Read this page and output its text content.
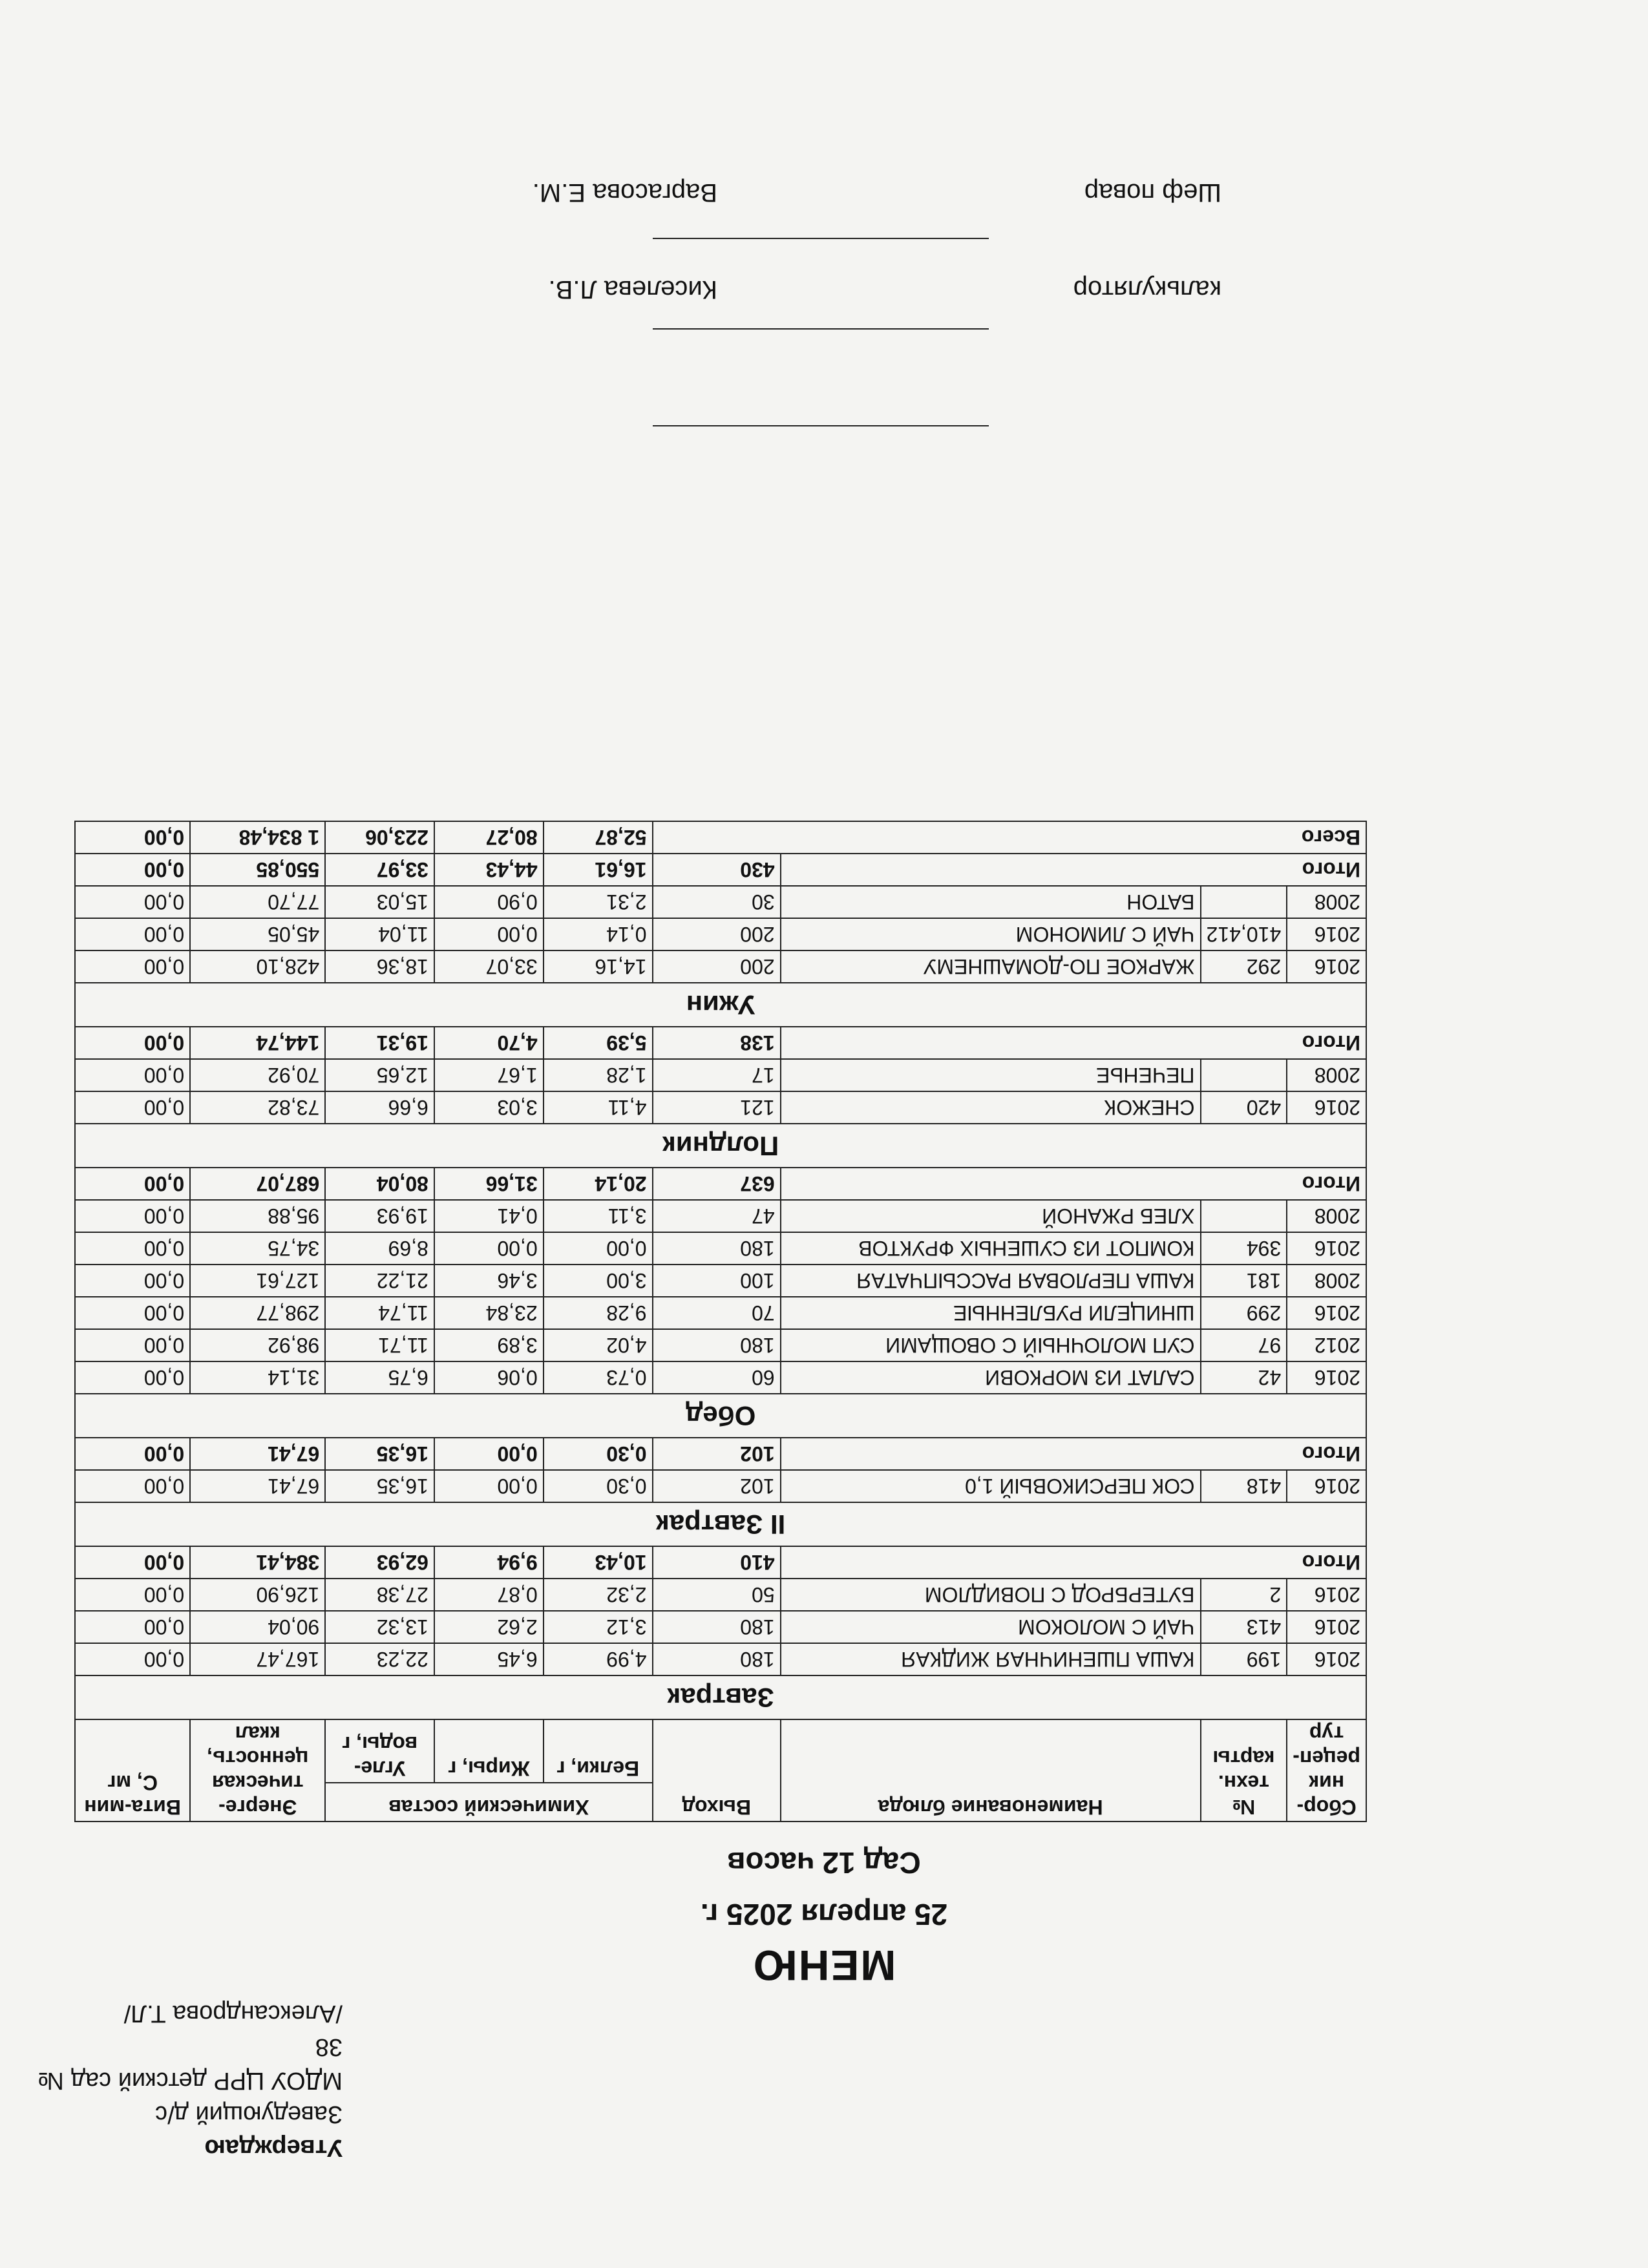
Утверждаю
Заведующий д/с
МДОУ ЦРР детский сад № 38
/Александрова Т.Л/
МЕНЮ
25 апреля 2025 г.
Сад 12 часов
Сбор-ник рецеп-тур	№ техн. карты	Наименование блюда	Выход	Химический состав			Энерге-тическая ценность, ккал	Вита-мин С, мг
				Белки, г	Жиры, г	Угле-воды, г		
Завтрак								
2016	199	КАША ПШЕНИЧНАЯ ЖИДКАЯ	180	4,99	6,45	22,23	167,47	0,00
2016	413	ЧАЙ С МОЛОКОМ	180	3,12	2,62	13,32	90,04	0,00
2016	2	БУТЕРБРОД С ПОВИДЛОМ	50	2,32	0,87	27,38	126,90	0,00
Итого			410	10,43	9,94	62,93	384,41	0,00
II Завтрак								
2016	418	СОК ПЕРСИКОВЫЙ 1,0	102	0,30	0,00	16,35	67,41	0,00
Итого			102	0,30	0,00	16,35	67,41	0,00
Обед								
2016	42	САЛАТ ИЗ МОРКОВИ	60	0,73	0,06	6,75	31,14	0,00
2012	97	СУП МОЛОЧНЫЙ С ОВОЩАМИ	180	4,02	3,89	11,71	98,92	0,00
2016	299	ШНИЦЕЛИ РУБЛЕННЫЕ	70	9,28	23,84	11,74	298,77	0,00
2008	181	КАША ПЕРЛОВАЯ РАССЫПЧАТАЯ	100	3,00	3,46	21,22	127,61	0,00
2016	394	КОМПОТ ИЗ СУШЕНЫХ ФРУКТОВ	180	0,00	0,00	8,69	34,75	0,00
2008		ХЛЕБ РЖАНОЙ	47	3,11	0,41	19,93	95,88	0,00
Итого			637	20,14	31,66	80,04	687,07	0,00
Полдник								
2016	420	СНЕЖОК	121	4,11	3,03	6,66	73,82	0,00
2008		ПЕЧЕНЬЕ	17	1,28	1,67	12,65	70,92	0,00
Итого			138	5,39	4,70	19,31	144,74	0,00
Ужин								
2016	292	ЖАРКОЕ ПО-ДОМАШНЕМУ	200	14,16	33,07	18,36	428,10	0,00
2016	410,412	ЧАЙ С ЛИМОНОМ	200	0,14	0,00	11,04	45,05	0,00
2008		БАТОН	30	2,31	0,90	15,03	77,70	0,00
Итого			430	16,61	44,43	33,97	550,85	0,00
Всего				52,87	80,27	223,06	1 834,48	0,00
калькулятор
Киселева Л.В.
Шеф повар
Варгасова Е.М.
